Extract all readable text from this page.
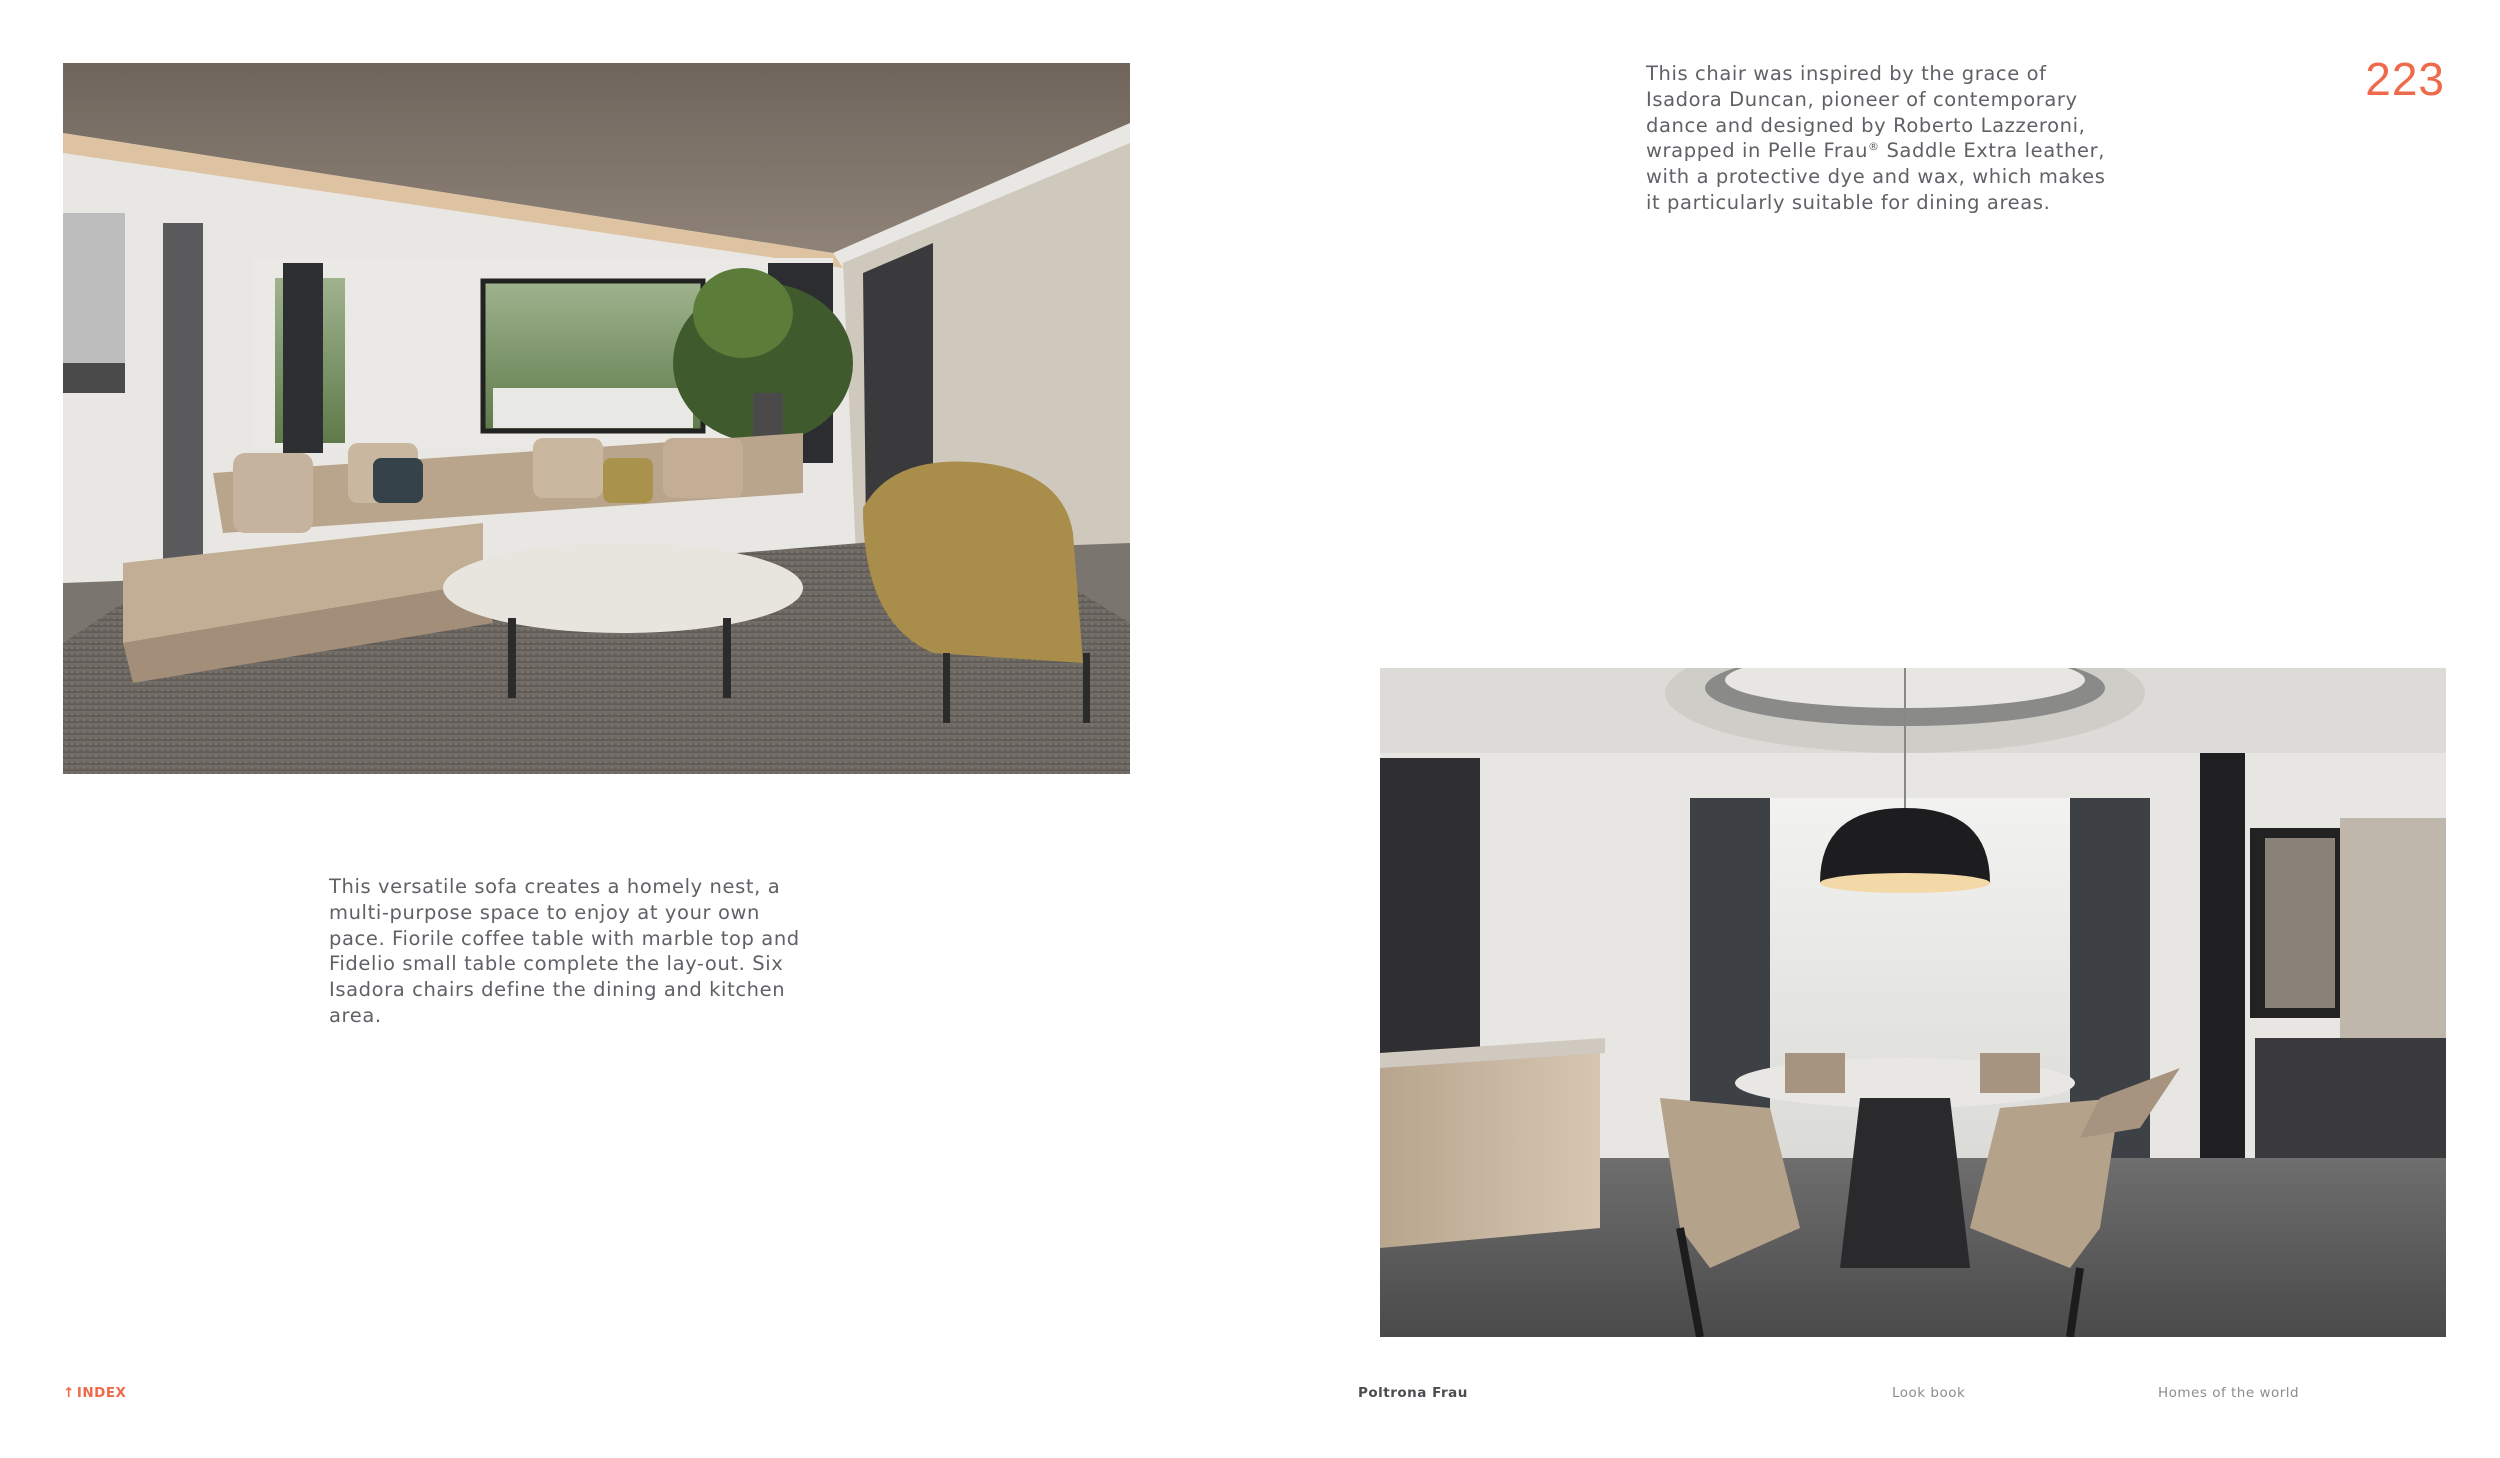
This chair was inspired by the grace of Isadora Duncan, pioneer of contemporary dance and designed by Roberto Lazzeroni, wrapped in Pelle Frau® Saddle Extra leather, with a protective dye and wax, which makes it particularly suitable for dining areas.
This versatile sofa creates a homely nest, a multi-purpose space to enjoy at your own pace. Fiorile coffee table with marble top and Fidelio small table complete the lay-out. Six Isadora chairs define the dining and kitchen area.
223
↑ INDEX	Poltrona Frau	Look book	Homes of the world
